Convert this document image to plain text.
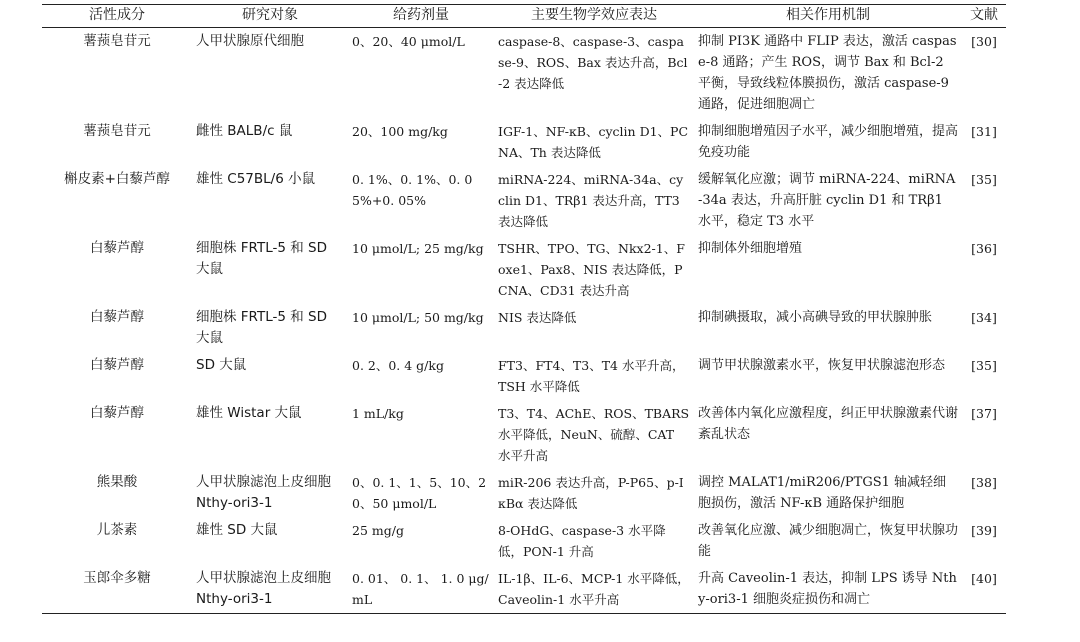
活性成分	研究对象	给药剂量	主要生物学效应表达	相关作用机制	文献
薯蓣皂苷元	人甲状腺原代细胞	0、20、40 μmol/L	caspase-8、caspase-3、caspase-9、ROS、Bax 表达升高，Bcl-2 表达降低	抑制 PI3K 通路中 FLIP 表达，激活 caspase-8 通路；产生 ROS，调节 Bax 和 Bcl-2 平衡，导致线粒体膜损伤，激活 caspase-9 通路，促进细胞凋亡	[30]
薯蓣皂苷元	雌性 BALB/c 鼠	20、100 mg/kg	IGF-1、NF-κB、cyclin D1、PCNA、Th 表达降低	抑制细胞增殖因子水平，减少细胞增殖，提高免疫功能	[31]
槲皮素+白藜芦醇	雄性 C57BL/6 小鼠	0. 1%、0. 1%、0. 05%+0. 05%	miRNA-224、miRNA-34a、cyclin D1、TRβ1 表达升高，TT3 表达降低	缓解氧化应激；调节 miRNA-224、miRNA-34a 表达，升高肝脏 cyclin D1 和 TRβ1 水平，稳定 T3 水平	[35]
白藜芦醇	细胞株 FRTL-5 和 SD 大鼠	10 μmol/L; 25 mg/kg	TSHR、TPO、TG、Nkx2-1、Foxe1、Pax8、NIS 表达降低，PCNA、CD31 表达升高	抑制体外细胞增殖	[36]
白藜芦醇	细胞株 FRTL-5 和 SD 大鼠	10 μmol/L; 50 mg/kg	NIS 表达降低	抑制碘摄取，减小高碘导致的甲状腺肿胀	[34]
白藜芦醇	SD 大鼠	0. 2、0. 4 g/kg	FT3、FT4、T3、T4 水平升高，TSH 水平降低	调节甲状腺激素水平，恢复甲状腺滤泡形态	[35]
白藜芦醇	雄性 Wistar 大鼠	1 mL/kg	T3、T4、AChE、ROS、TBARS 水平降低，NeuN、硫醇、CAT 水平升高	改善体内氧化应激程度，纠正甲状腺激素代谢紊乱状态	[37]
熊果酸	人甲状腺滤泡上皮细胞 Nthy-ori3-1	0、0. 1、1、5、10、20、50 μmol/L	miR-206 表达升高，P-P65、p-IκBα 表达降低	调控 MALAT1/miR206/PTGS1 轴减轻细胞损伤，激活 NF-κB 通路保护细胞	[38]
儿茶素	雄性 SD 大鼠	25 mg/g	8-OHdG、caspase-3 水平降低，PON-1 升高	改善氧化应激、减少细胞凋亡，恢复甲状腺功能	[39]
玉郎伞多糖	人甲状腺滤泡上皮细胞 Nthy-ori3-1	0. 01、 0. 1、 1. 0 μg/mL	IL-1β、IL-6、MCP-1 水平降低，Caveolin-1 水平升高	升高 Caveolin-1 表达，抑制 LPS 诱导 Nthy-ori3-1 细胞炎症损伤和凋亡	[40]
